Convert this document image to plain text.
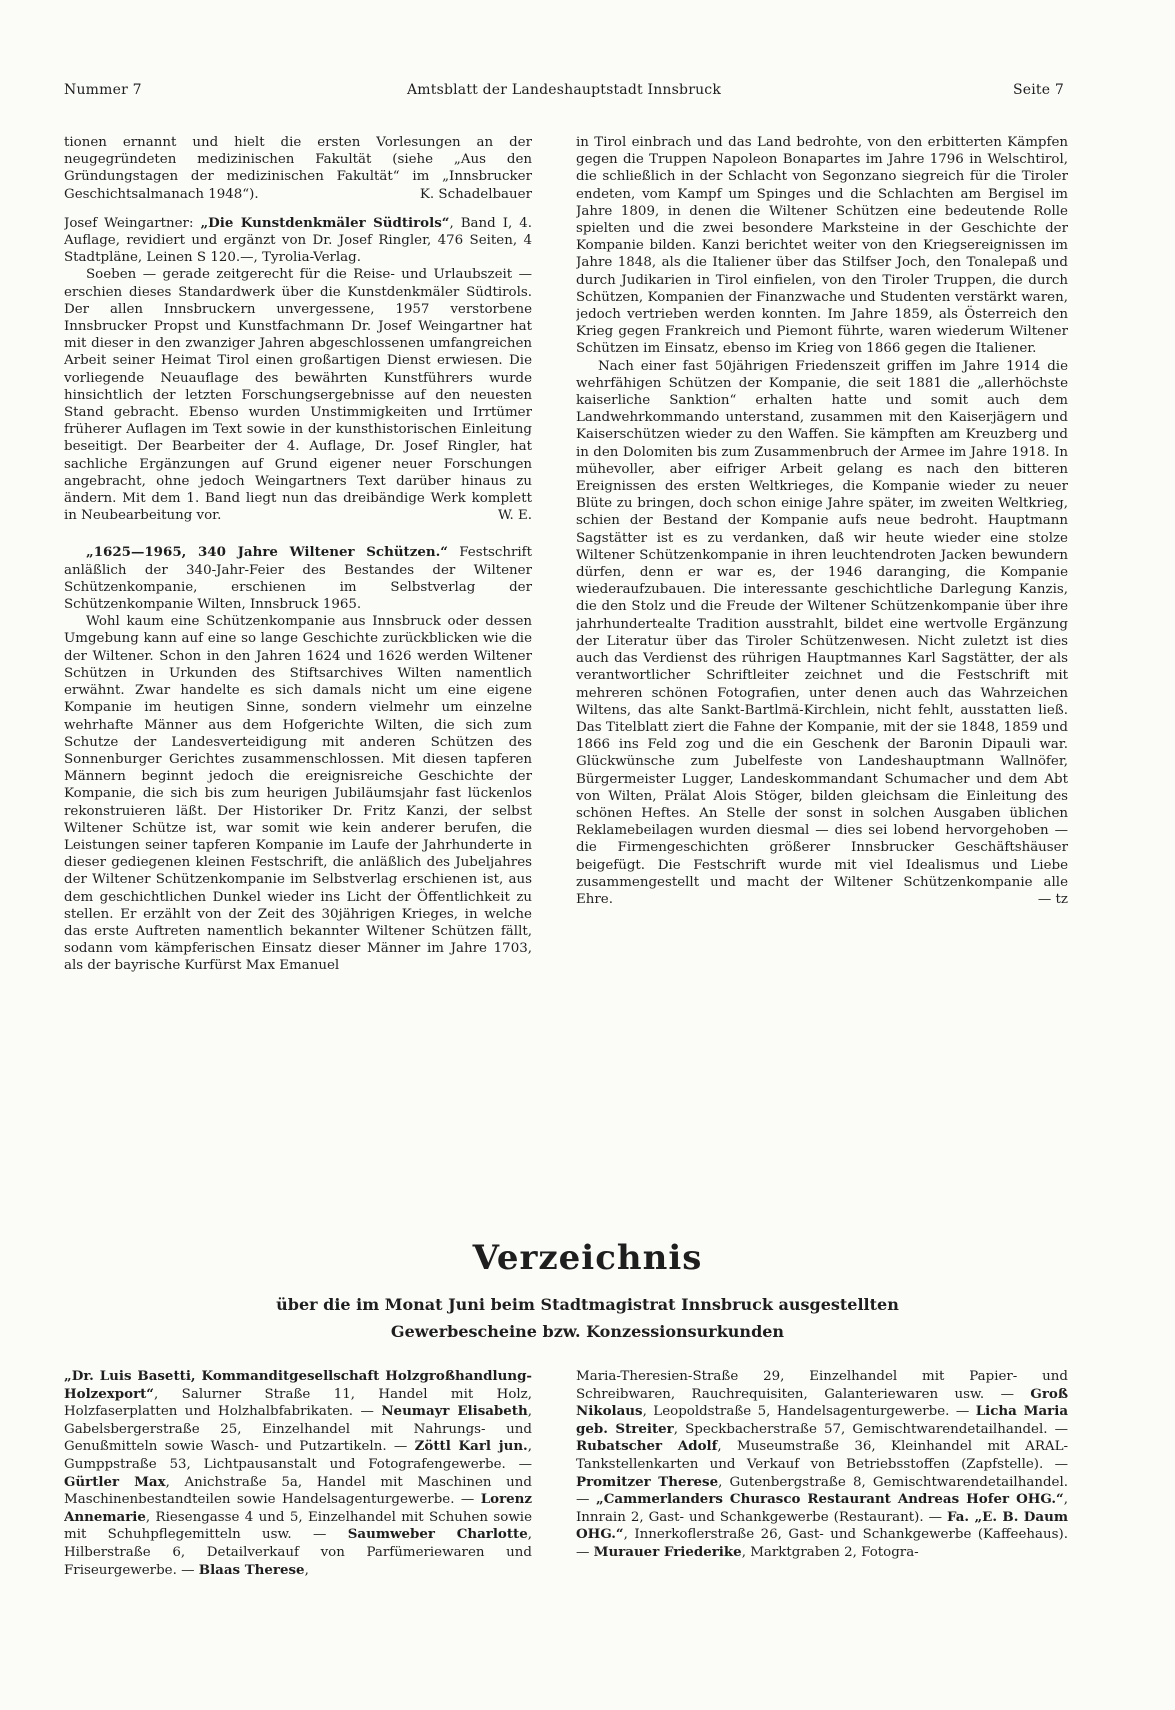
Amtsblatt der Landeshauptstadt Innsbruck
Nummer 7	Seite 7

tionen ernannt und hielt die ersten Vorlesungen an der neugegründeten medizinischen Fakultät (siehe „Aus den Gründungstagen der medizinischen Fakultät“ im „Innsbrucker Geschichtsalmanach 1948“).	K. Schadelbauer

Josef Weingartner: „Die Kunstdenkmäler Südtirols“, Band I, 4. Auflage, revidiert und ergänzt von Dr. Josef Ringler, 476 Seiten, 4 Stadtpläne, Leinen S 120.—, Tyrolia-Verlag.

Soeben — gerade zeitgerecht für die Reise- und Urlaubszeit — erschien dieses Standardwerk über die Kunstdenkmäler Südtirols. Der allen Innsbruckern unvergessene, 1957 verstorbene Innsbrucker Propst und Kunstfachmann Dr. Josef Weingartner hat mit dieser in den zwanziger Jahren abgeschlossenen umfangreichen Arbeit seiner Heimat Tirol einen großartigen Dienst erwiesen. Die vorliegende Neuauflage des bewährten Kunstführers wurde hinsichtlich der letzten Forschungsergebnisse auf den neuesten Stand gebracht. Ebenso wurden Unstimmigkeiten und Irrtümer früherer Auflagen im Text sowie in der kunsthistorischen Einleitung beseitigt. Der Bearbeiter der 4. Auflage, Dr. Josef Ringler, hat sachliche Ergänzungen auf Grund eigener neuer Forschungen angebracht, ohne jedoch Weingartners Text darüber hinaus zu ändern. Mit dem 1. Band liegt nun das dreibändige Werk komplett in Neubearbeitung vor.	W. E.

„1625—1965, 340 Jahre Wiltener Schützen.“ Festschrift anläßlich der 340-Jahr-Feier des Bestandes der Wiltener Schützenkompanie, erschienen im Selbstverlag der Schützenkompanie Wilten, Innsbruck 1965.

Wohl kaum eine Schützenkompanie aus Innsbruck oder dessen Umgebung kann auf eine so lange Geschichte zurückblicken wie die der Wiltener. Schon in den Jahren 1624 und 1626 werden Wiltener Schützen in Urkunden des Stiftsarchives Wilten namentlich erwähnt. Zwar handelte es sich damals nicht um eine eigene Kompanie im heutigen Sinne, sondern vielmehr um einzelne wehrhafte Männer aus dem Hofgerichte Wilten, die sich zum Schutze der Landesverteidigung mit anderen Schützen des Sonnenburger Gerichtes zusammenschlossen. Mit diesen tapferen Männern beginnt jedoch die ereignisreiche Geschichte der Kompanie, die sich bis zum heurigen Jubiläumsjahr fast lückenlos rekonstruieren läßt. Der Historiker Dr. Fritz Kanzi, der selbst Wiltener Schütze ist, war somit wie kein anderer berufen, die Leistungen seiner tapferen Kompanie im Laufe der Jahrhunderte in dieser gediegenen kleinen Festschrift, die anläßlich des Jubeljahres der Wiltener Schützenkompanie im Selbstverlag erschienen ist, aus dem geschichtlichen Dunkel wieder ins Licht der Öffentlichkeit zu stellen. Er erzählt von der Zeit des 30jährigen Krieges, in welche das erste Auftreten namentlich bekannter Wiltener Schützen fällt, sodann vom kämpferischen Einsatz dieser Männer im Jahre 1703, als der bayrische Kurfürst Max Emanuel

in Tirol einbrach und das Land bedrohte, von den erbitterten Kämpfen gegen die Truppen Napoleon Bonapartes im Jahre 1796 in Welschtirol, die schließlich in der Schlacht von Segonzano siegreich für die Tiroler endeten, vom Kampf um Spinges und die Schlachten am Bergisel im Jahre 1809, in denen die Wiltener Schützen eine bedeutende Rolle spielten und die zwei besondere Marksteine in der Geschichte der Kompanie bilden. Kanzi berichtet weiter von den Kriegsereignissen im Jahre 1848, als die Italiener über das Stilfser Joch, den Tonalepaß und durch Judikarien in Tirol einfielen, von den Tiroler Truppen, die durch Schützen, Kompanien der Finanzwache und Studenten verstärkt waren, jedoch vertrieben werden konnten. Im Jahre 1859, als Österreich den Krieg gegen Frankreich und Piemont führte, waren wiederum Wiltener Schützen im Einsatz, ebenso im Krieg von 1866 gegen die Italiener.

Nach einer fast 50jährigen Friedenszeit griffen im Jahre 1914 die wehrfähigen Schützen der Kompanie, die seit 1881 die „allerhöchste kaiserliche Sanktion“ erhalten hatte und somit auch dem Landwehrkommando unterstand, zusammen mit den Kaiserjägern und Kaiserschützen wieder zu den Waffen. Sie kämpften am Kreuzberg und in den Dolomiten bis zum Zusammenbruch der Armee im Jahre 1918. In mühevoller, aber eifriger Arbeit gelang es nach den bitteren Ereignissen des ersten Weltkrieges, die Kompanie wieder zu neuer Blüte zu bringen, doch schon einige Jahre später, im zweiten Weltkrieg, schien der Bestand der Kompanie aufs neue bedroht. Hauptmann Sagstätter ist es zu verdanken, daß wir heute wieder eine stolze Wiltener Schützenkompanie in ihren leuchtendroten Jacken bewundern dürfen, denn er war es, der 1946 daranging, die Kompanie wiederaufzubauen. Die interessante geschichtliche Darlegung Kanzis, die den Stolz und die Freude der Wiltener Schützenkompanie über ihre jahrhundertealte Tradition ausstrahlt, bildet eine wertvolle Ergänzung der Literatur über das Tiroler Schützenwesen. Nicht zuletzt ist dies auch das Verdienst des rührigen Hauptmannes Karl Sagstätter, der als verantwortlicher Schriftleiter zeichnet und die Festschrift mit mehreren schönen Fotografien, unter denen auch das Wahrzeichen Wiltens, das alte Sankt-Bartlmä-Kirchlein, nicht fehlt, ausstatten ließ. Das Titelblatt ziert die Fahne der Kompanie, mit der sie 1848, 1859 und 1866 ins Feld zog und die ein Geschenk der Baronin Dipauli war. Glückwünsche zum Jubelfeste von Landeshauptmann Wallnöfer, Bürgermeister Lugger, Landeskommandant Schumacher und dem Abt von Wilten, Prälat Alois Stöger, bilden gleichsam die Einleitung des schönen Heftes. An Stelle der sonst in solchen Ausgaben üblichen Reklamebeilagen wurden diesmal — dies sei lobend hervorgehoben — die Firmengeschichten größerer Innsbrucker Geschäftshäuser beigefügt. Die Festschrift wurde mit viel Idealismus und Liebe zusammengestellt und macht der Wiltener Schützenkompanie alle Ehre.	— tz

Verzeichnis
über die im Monat Juni beim Stadtmagistrat Innsbruck ausgestellten
Gewerbescheine bzw. Konzessionsurkunden

„Dr. Luis Basetti, Kommanditgesellschaft Holzgroßhandlung-Holzexport“, Salurner Straße 11, Handel mit Holz, Holzfaserplatten und Holzhalbfabrikaten. — Neumayr Elisabeth, Gabelsbergerstraße 25, Einzelhandel mit Nahrungs- und Genußmitteln sowie Wasch- und Putzartikeln. — Zöttl Karl jun., Gumppstraße 53, Lichtpausanstalt und Fotografengewerbe. — Gürtler Max, Anichstraße 5a, Handel mit Maschinen und Maschinenbestandteilen sowie Handelsagenturgewerbe. — Lorenz Annemarie, Riesengasse 4 und 5, Einzelhandel mit Schuhen sowie mit Schuhpflegemitteln usw. — Saumweber Charlotte, Hilberstraße 6, Detailverkauf von Parfümeriewaren und Friseurgewerbe. — Blaas Therese,

Maria-Theresien-Straße 29, Einzelhandel mit Papier- und Schreibwaren, Rauchrequisiten, Galanteriewaren usw. — Groß Nikolaus, Leopoldstraße 5, Handelsagenturgewerbe. — Licha Maria geb. Streiter, Speckbacherstraße 57, Gemischtwarendetailhandel. — Rubatscher Adolf, Museumstraße 36, Kleinhandel mit ARAL-Tankstellenkarten und Verkauf von Betriebsstoffen (Zapfstelle). — Promitzer Therese, Gutenbergstraße 8, Gemischtwarendetailhandel. — „Cammerlanders Churasco Restaurant Andreas Hofer OHG.“, Innrain 2, Gast- und Schankgewerbe (Restaurant). — Fa. „E. B. Daum OHG.“, Innerkoflerstraße 26, Gast- und Schankgewerbe (Kaffeehaus). — Murauer Friederike, Marktgraben 2, Fotogra-
